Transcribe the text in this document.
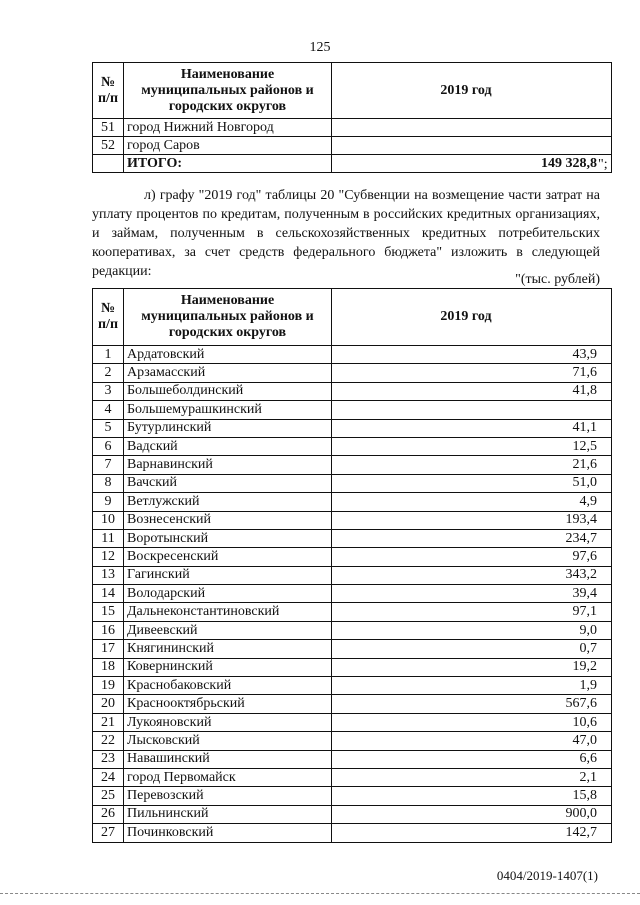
125
№ п/п	Наименование муниципальных районов и городских округов	2019 год
51	город Нижний Новгород	
52	город Саров	
	ИТОГО:	149 328,8 ";
л) графу "2019 год" таблицы 20 "Субвенции на возмещение части затрат на уплату процентов по кредитам, полученным в российских кредитных организациях, и займам, полученным в сельскохозяйственных кредитных потребительских кооперативах, за счет средств федерального бюджета" изложить в следующей редакции:
"(тыс. рублей)
№ п/п	Наименование муниципальных районов и городских округов	2019 год
1	Ардатовский	43,9
2	Арзамасский	71,6
3	Большеболдинский	41,8
4	Большемурашкинский	
5	Бутурлинский	41,1
6	Вадский	12,5
7	Варнавинский	21,6
8	Вачский	51,0
9	Ветлужский	4,9
10	Вознесенский	193,4
11	Воротынский	234,7
12	Воскресенский	97,6
13	Гагинский	343,2
14	Володарский	39,4
15	Дальнеконстантиновский	97,1
16	Дивеевский	9,0
17	Княгининский	0,7
18	Ковернинский	19,2
19	Краснобаковский	1,9
20	Краснооктябрьский	567,6
21	Лукояновский	10,6
22	Лысковский	47,0
23	Навашинский	6,6
24	город Первомайск	2,1
25	Перевозский	15,8
26	Пильнинский	900,0
27	Починковский	142,7
0404/2019-1407(1)
